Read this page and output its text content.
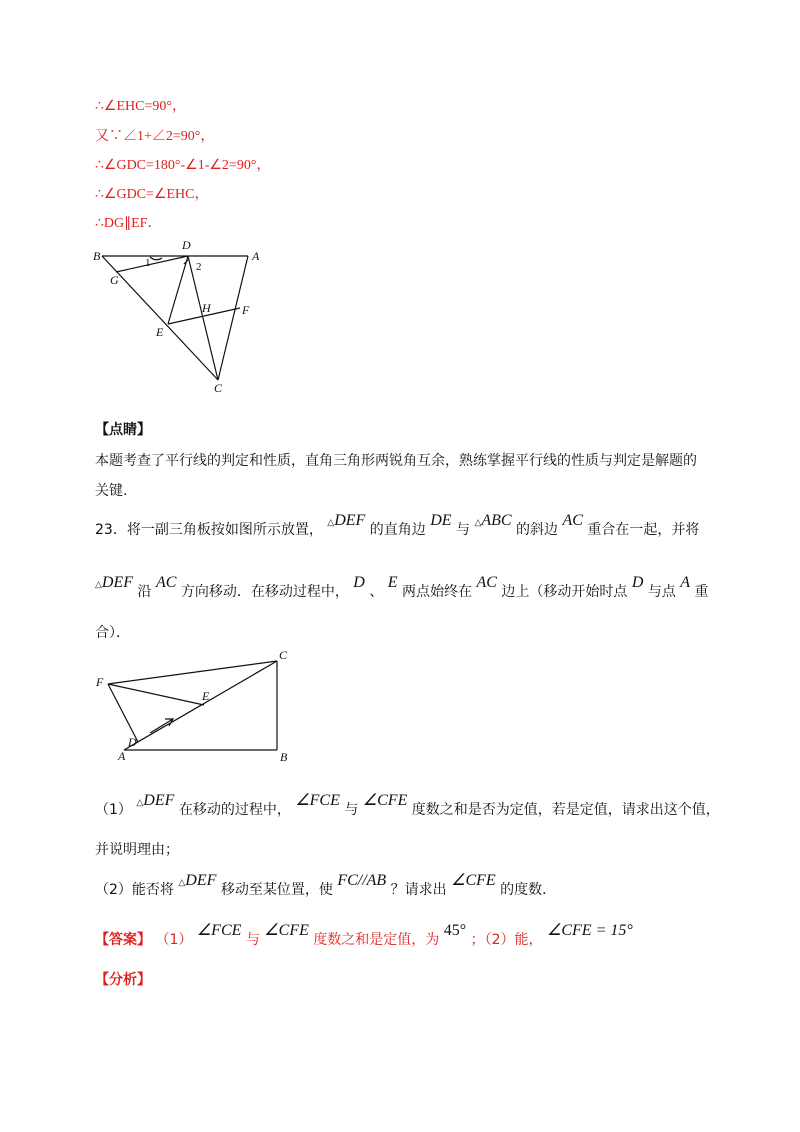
∴∠EHC=90°，
又∵∠1+∠2=90°，
∴∠GDC=180°-∠1-∠2=90°，
∴∠GDC=∠EHC，
∴DG∥EF．
B
D
A
G
1	2
H	F
E
C
【点睛】
本题考查了平行线的判定和性质，直角三角形两锐角互余，熟练掌握平行线的性质与判定是解题的
关键.
23．将一副三角板按如图所示放置， △DEF 的直角边 DE 与 △ABC 的斜边 AC 重合在一起，并将
△DEF 沿 AC 方向移动．在移动过程中， D 、 E 两点始终在 AC 边上（移动开始时点 D 与点 A 重
合）．
F
C
E
D
A	B
（1） △DEF 在移动的过程中， ∠FCE 与 ∠CFE 度数之和是否为定值，若是定值，请求出这个值，
并说明理由；
（2）能否将 △DEF 移动至某位置，使 FC//AB ？请求出 ∠CFE 的度数．
【答案】 （1） ∠FCE 与 ∠CFE 度数之和是定值，为 45° ；（2）能， ∠CFE = 15°
【分析】
